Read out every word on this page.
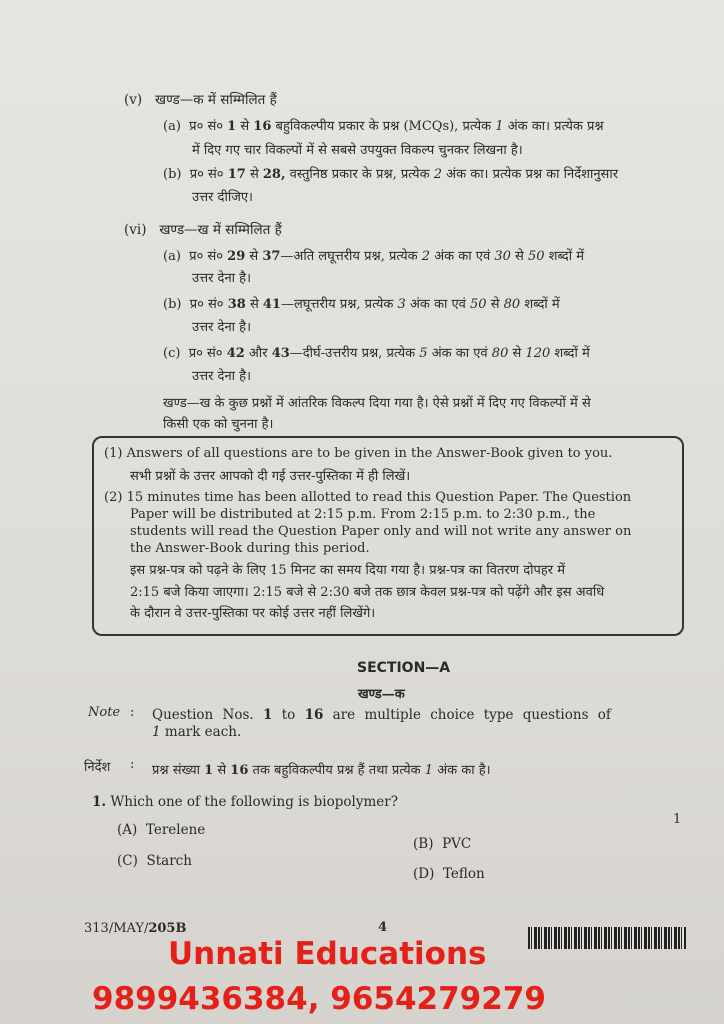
(v) खण्ड—क में सम्मिलित हैं
(a) प्र० सं० 1 से 16 बहुविकल्पीय प्रकार के प्रश्न (MCQs), प्रत्येक 1 अंक का। प्रत्येक प्रश्न
में दिए गए चार विकल्पों में से सबसे उपयुक्त विकल्प चुनकर लिखना है।
(b) प्र० सं० 17 से 28, वस्तुनिष्ठ प्रकार के प्रश्न, प्रत्येक 2 अंक का। प्रत्येक प्रश्न का निर्देशानुसार
उत्तर दीजिए।
(vi) खण्ड—ख में सम्मिलित हैं
(a) प्र० सं० 29 से 37—अति लघूत्तरीय प्रश्न, प्रत्येक 2 अंक का एवं 30 से 50 शब्दों में
उत्तर देना है।
(b) प्र० सं० 38 से 41—लघूत्तरीय प्रश्न, प्रत्येक 3 अंक का एवं 50 से 80 शब्दों में
उत्तर देना है।
(c) प्र० सं० 42 और 43—दीर्घ-उत्तरीय प्रश्न, प्रत्येक 5 अंक का एवं 80 से 120 शब्दों में
उत्तर देना है।
खण्ड—ख के कुछ प्रश्नों में आंतरिक विकल्प दिया गया है। ऐसे प्रश्नों में दिए गए विकल्पों में से
किसी एक को चुनना है।
(1) Answers of all questions are to be given in the Answer-Book given to you.
सभी प्रश्नों के उत्तर आपको दी गई उत्तर-पुस्तिका में ही लिखें।
(2) 15 minutes time has been allotted to read this Question Paper. The Question
Paper will be distributed at 2:15 p.m. From 2:15 p.m. to 2:30 p.m., the
students will read the Question Paper only and will not write any answer on
the Answer-Book during this period.
इस प्रश्न-पत्र को पढ़ने के लिए 15 मिनट का समय दिया गया है। प्रश्न-पत्र का वितरण दोपहर में
2:15 बजे किया जाएगा। 2:15 बजे से 2:30 बजे तक छात्र केवल प्रश्न-पत्र को पढ़ेंगे और इस अवधि
के दौरान वे उत्तर-पुस्तिका पर कोई उत्तर नहीं लिखेंगे।
SECTION—A
खण्ड—क
Note : Question Nos. 1 to 16 are multiple choice type questions of
1 mark each.
निर्देश : प्रश्न संख्या 1 से 16 तक बहुविकल्पीय प्रश्न हैं तथा प्रत्येक 1 अंक का है।
1. Which one of the following is biopolymer?
1
(A) Terelene
(B) PVC
(C) Starch
(D) Teflon
313/MAY/205B	4
Unnati Educations
9899436384, 9654279279
